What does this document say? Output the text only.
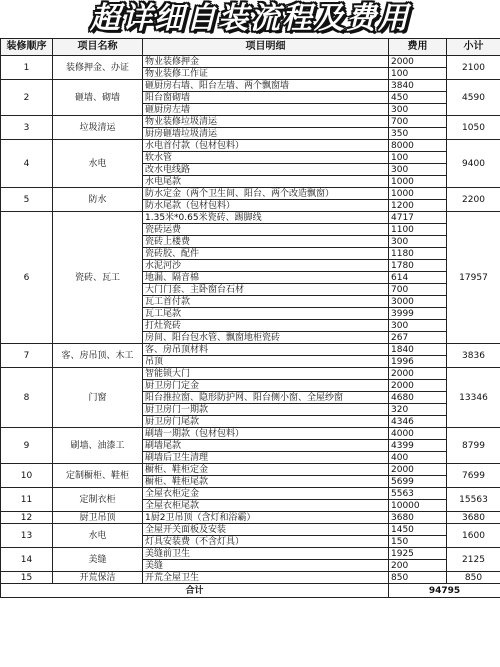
超详细自装流程及费用
装修顺序	项目名称	项目明细	费用	小计
1	装修押金、办证	物业装修押金	2000	2100
		物业装修工作证	100	
2	砸墙、砌墙	砸厨房右墙、阳台左墙、两个飘窗墙	3840	4590
		阳台窗砌墙	450	
		砸厨房左墙	300	
3	垃圾清运	物业装修垃圾清运	700	1050
		厨房砸墙垃圾清运	350	
4	水电	水电首付款（包材包料）	8000	9400
		软水管	100	
		改水电线路	300	
		水电尾款	1000	
5	防水	防水定金（两个卫生间、阳台、两个改造飘窗）	1000	2200
		防水尾款（包材包料）	1200	
6	瓷砖、瓦工	1.35米*0.65米瓷砖、踢脚线	4717	17957
		瓷砖运费	1100	
		瓷砖上楼费	300	
		瓷砖胶、配件	1180	
		水泥河沙	1780	
		地漏、隔音棉	614	
		大门门套、主卧窗台石材	700	
		瓦工首付款	3000	
		瓦工尾款	3999	
		打灶瓷砖	300	
		房间、阳台包水管、飘窗地柜瓷砖	267	
7	客、房吊顶、木工	客、房吊顶材料	1840	3836
		吊顶	1996	
8	门窗	智能锁大门	2000	13346
		厨卫房门定金	2000	
		阳台推拉窗、隐形防护网、阳台侧小窗、全屋纱窗	4680	
		厨卫房门一期款	320	
		厨卫房门尾款	4346	
9	刷墙、油漆工	刷墙一期款（包材包料）	4000	8799
		刷墙尾款	4399	
		刷墙后卫生清理	400	
10	定制橱柜、鞋柜	橱柜、鞋柜定金	2000	7699
		橱柜、鞋柜尾款	5699	
11	定制衣柜	全屋衣柜定金	5563	15563
		全屋衣柜尾款	10000	
12	厨卫吊顶	1厨2卫吊顶（含灯和浴霸）	3680	3680
13	水电	全屋开关面板及安装	1450	1600
		灯具安装费（不含灯具）	150	
14	美缝	美缝前卫生	1925	2125
		美缝	200	
15	开荒保洁	开荒全屋卫生	850	850
合计			94795	
